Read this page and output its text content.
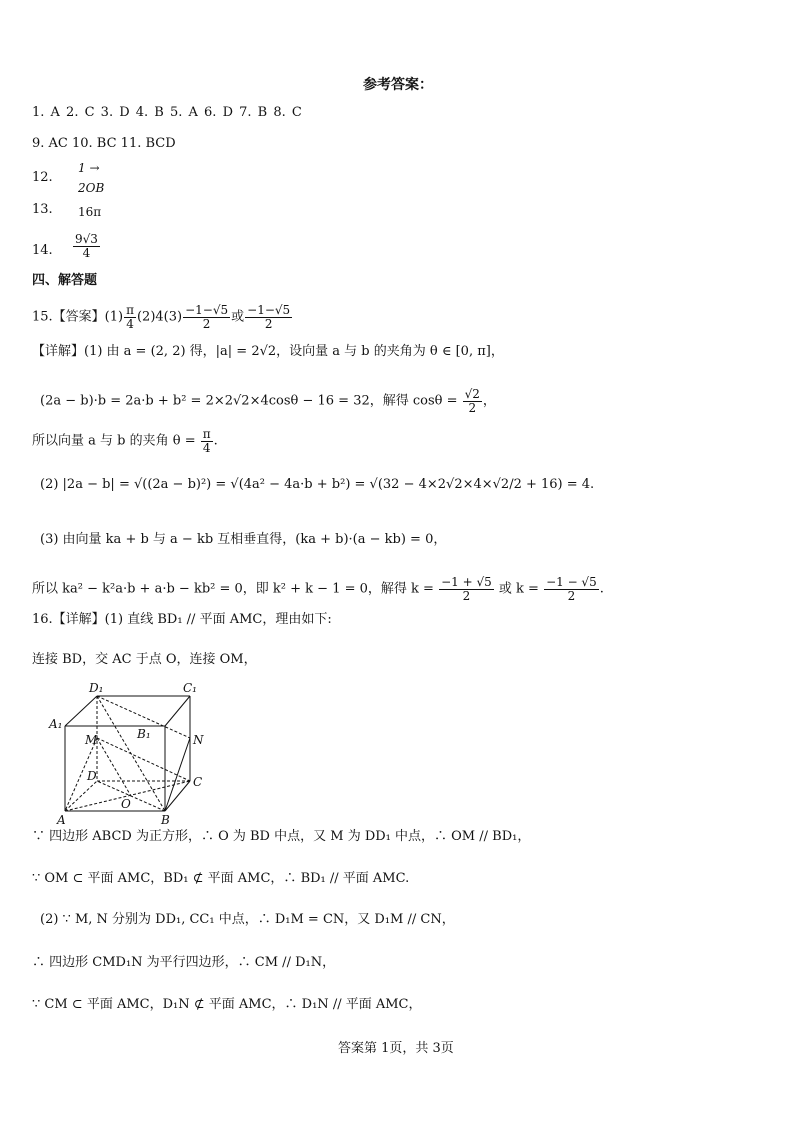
参考答案：
1. A 2. C 3. D 4. B 5. A 6. D 7. B 8. C
9. AC 10. BC 11. BCD
12.
1 →
2OB
13. 16π
14. $\frac{9√3}{4}$
四、解答题
15.【答案】$(1) \frac{\pi}{4} (2)4(3) \frac{-1-√5}{2}$ 或 $\frac{-1-√5}{2}$
【详解】(1) 由 a = (2, 2) 得，|a| = 2√2，设向量 a 与 b 的夹角为 θ ∈ [0, π]，
(2a − b)·b = 2a·b + b² = 2×2√2×4cosθ − 16 = 32，解得 $\cos\theta = \frac{√2}{2}$ ，
所以向量 a 与 b 的夹角 $\theta = \frac{\pi}{4}$ .
(2) |2a − b| = √((2a − b)²) = √(4a² − 4a·b + b²) = √(32 − 4×2√2×4×√2/2 + 16) = 4.
(3) 由向量 ka + b 与 a − kb 互相垂直得，(ka + b)·(a − kb) = 0，
所以 ka² − k²a·b + a·b − kb² = 0，即 k² + k − 1 = 0，解得 $k = \frac{-1 + √5}{2}$ 或 $k = \frac{-1 - √5}{2}$ .
16.【详解】(1) 直线 BD₁ // 平面 AMC，理由如下:
连接 BD，交 AC 于点 O，连接 OM，
D₁	C₁
A₁
B₁
M	N
D	C
O
A	B
∵ 四边形 ABCD 为正方形，∴ O 为 BD 中点，又 M 为 DD₁ 中点，∴ OM // BD₁，
∵ OM ⊂ 平面 AMC，BD₁ ⊄ 平面 AMC，∴ BD₁ // 平面 AMC.
(2) ∵ M, N 分别为 DD₁, CC₁ 中点，∴ D₁M = CN，又 D₁M // CN，
∴ 四边形 CMD₁N 为平行四边形，∴ CM // D₁N，
∵ CM ⊂ 平面 AMC，D₁N ⊄ 平面 AMC，∴ D₁N // 平面 AMC，
答案第 1页，共 3页
